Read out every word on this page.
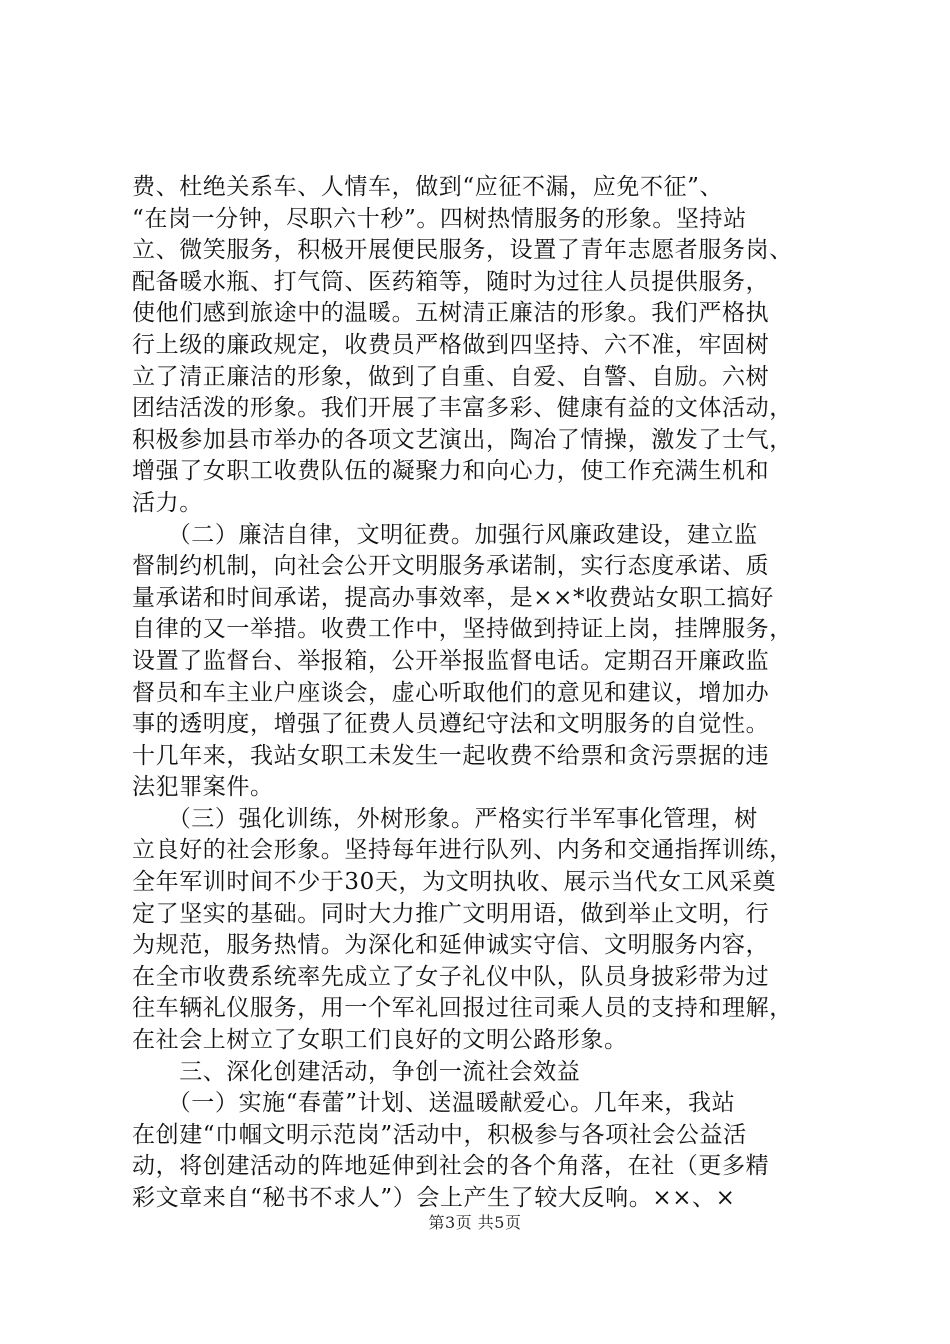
费、杜绝关系车、人情车，做到“应征不漏，应免不征”、
“在岗一分钟，尽职六十秒”。四树热情服务的形象。坚持站
立、微笑服务，积极开展便民服务，设置了青年志愿者服务岗、
配备暖水瓶、打气筒、医药箱等，随时为过往人员提供服务，
使他们感到旅途中的温暖。五树清正廉洁的形象。我们严格执
行上级的廉政规定，收费员严格做到四坚持、六不准，牢固树
立了清正廉洁的形象，做到了自重、自爱、自警、自励。六树
团结活泼的形象。我们开展了丰富多彩、健康有益的文体活动，
积极参加县市举办的各项文艺演出，陶冶了情操，激发了士气，
增强了女职工收费队伍的凝聚力和向心力，使工作充满生机和
活力。
　　（二）廉洁自律，文明征费。加强行风廉政建设，建立监
督制约机制，向社会公开文明服务承诺制，实行态度承诺、质
量承诺和时间承诺，提高办事效率，是××*收费站女职工搞好
自律的又一举措。收费工作中，坚持做到持证上岗，挂牌服务，
设置了监督台、举报箱，公开举报监督电话。定期召开廉政监
督员和车主业户座谈会，虚心听取他们的意见和建议，增加办
事的透明度，增强了征费人员遵纪守法和文明服务的自觉性。
十几年来，我站女职工未发生一起收费不给票和贪污票据的违
法犯罪案件。
　　（三）强化训练，外树形象。严格实行半军事化管理，树
立良好的社会形象。坚持每年进行队列、内务和交通指挥训练，
全年军训时间不少于30天，为文明执收、展示当代女工风采奠
定了坚实的基础。同时大力推广文明用语，做到举止文明，行
为规范，服务热情。为深化和延伸诚实守信、文明服务内容，
在全市收费系统率先成立了女子礼仪中队，队员身披彩带为过
往车辆礼仪服务，用一个军礼回报过往司乘人员的支持和理解，
在社会上树立了女职工们良好的文明公路形象。
　　三、深化创建活动，争创一流社会效益
　　（一）实施“春蕾”计划、送温暖献爱心。几年来，我站
在创建“巾帼文明示范岗”活动中，积极参与各项社会公益活
动，将创建活动的阵地延伸到社会的各个角落，在社（更多精
彩文章来自“秘书不求人”）会上产生了较大反响。××、×
第3页 共5页
